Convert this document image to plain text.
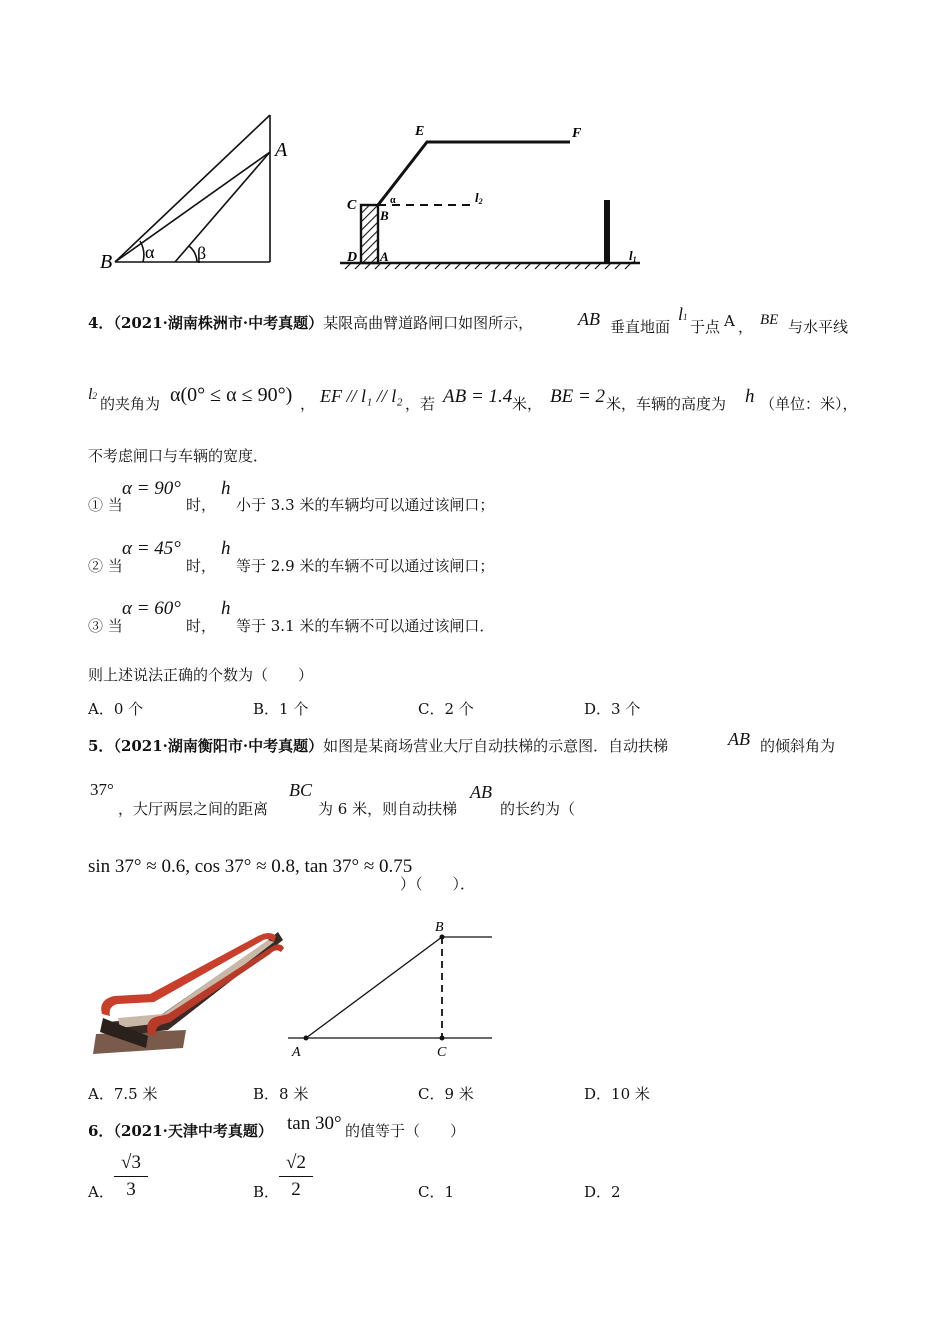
A
B α β
E	F
C
B
α
D A
l2
l1
4．（2021·湖南株洲市·中考真题）某限高曲臂道路闸口如图所示， AB 垂直地面
l1
于点 A ， BE 与水平线
l2 的夹角为 α(0° ≤ α ≤ 90°) ， EF // l₁ // l₂ ，若 AB = 1.4 米， BE = 2 米，车辆的高度为 h （单位：米），
不考虑闸口与车辆的宽度．
① 当
α = 90°
时，
h
小于 3.3 米的车辆均可以通过该闸口；
② 当
α = 45°
时，
h
等于 2.9 米的车辆不可以通过该闸口；
③ 当
α = 60°
时，
h
等于 3.1 米的车辆不可以通过该闸口．
则上述说法正确的个数为（　　）
A．0 个	B．1 个	C．2 个	D．3 个
5．（2021·湖南衡阳市·中考真题）如图是某商场营业大厅自动扶梯的示意图．自动扶梯	AB 的倾斜角为
37°
，大厅两层之间的距离
BC
为 6 米，则自动扶梯
AB
的长约为（
sin 37° ≈ 0.6, cos 37° ≈ 0.8, tan 37° ≈ 0.75
）（　　）．
B
A	C
A．7.5 米	B．8 米	C．9 米	D．10 米
6．（2021·天津中考真题） tan 30° 的值等于（　　）
A．
√3
3	B．
√2
2	C．1	D．2
